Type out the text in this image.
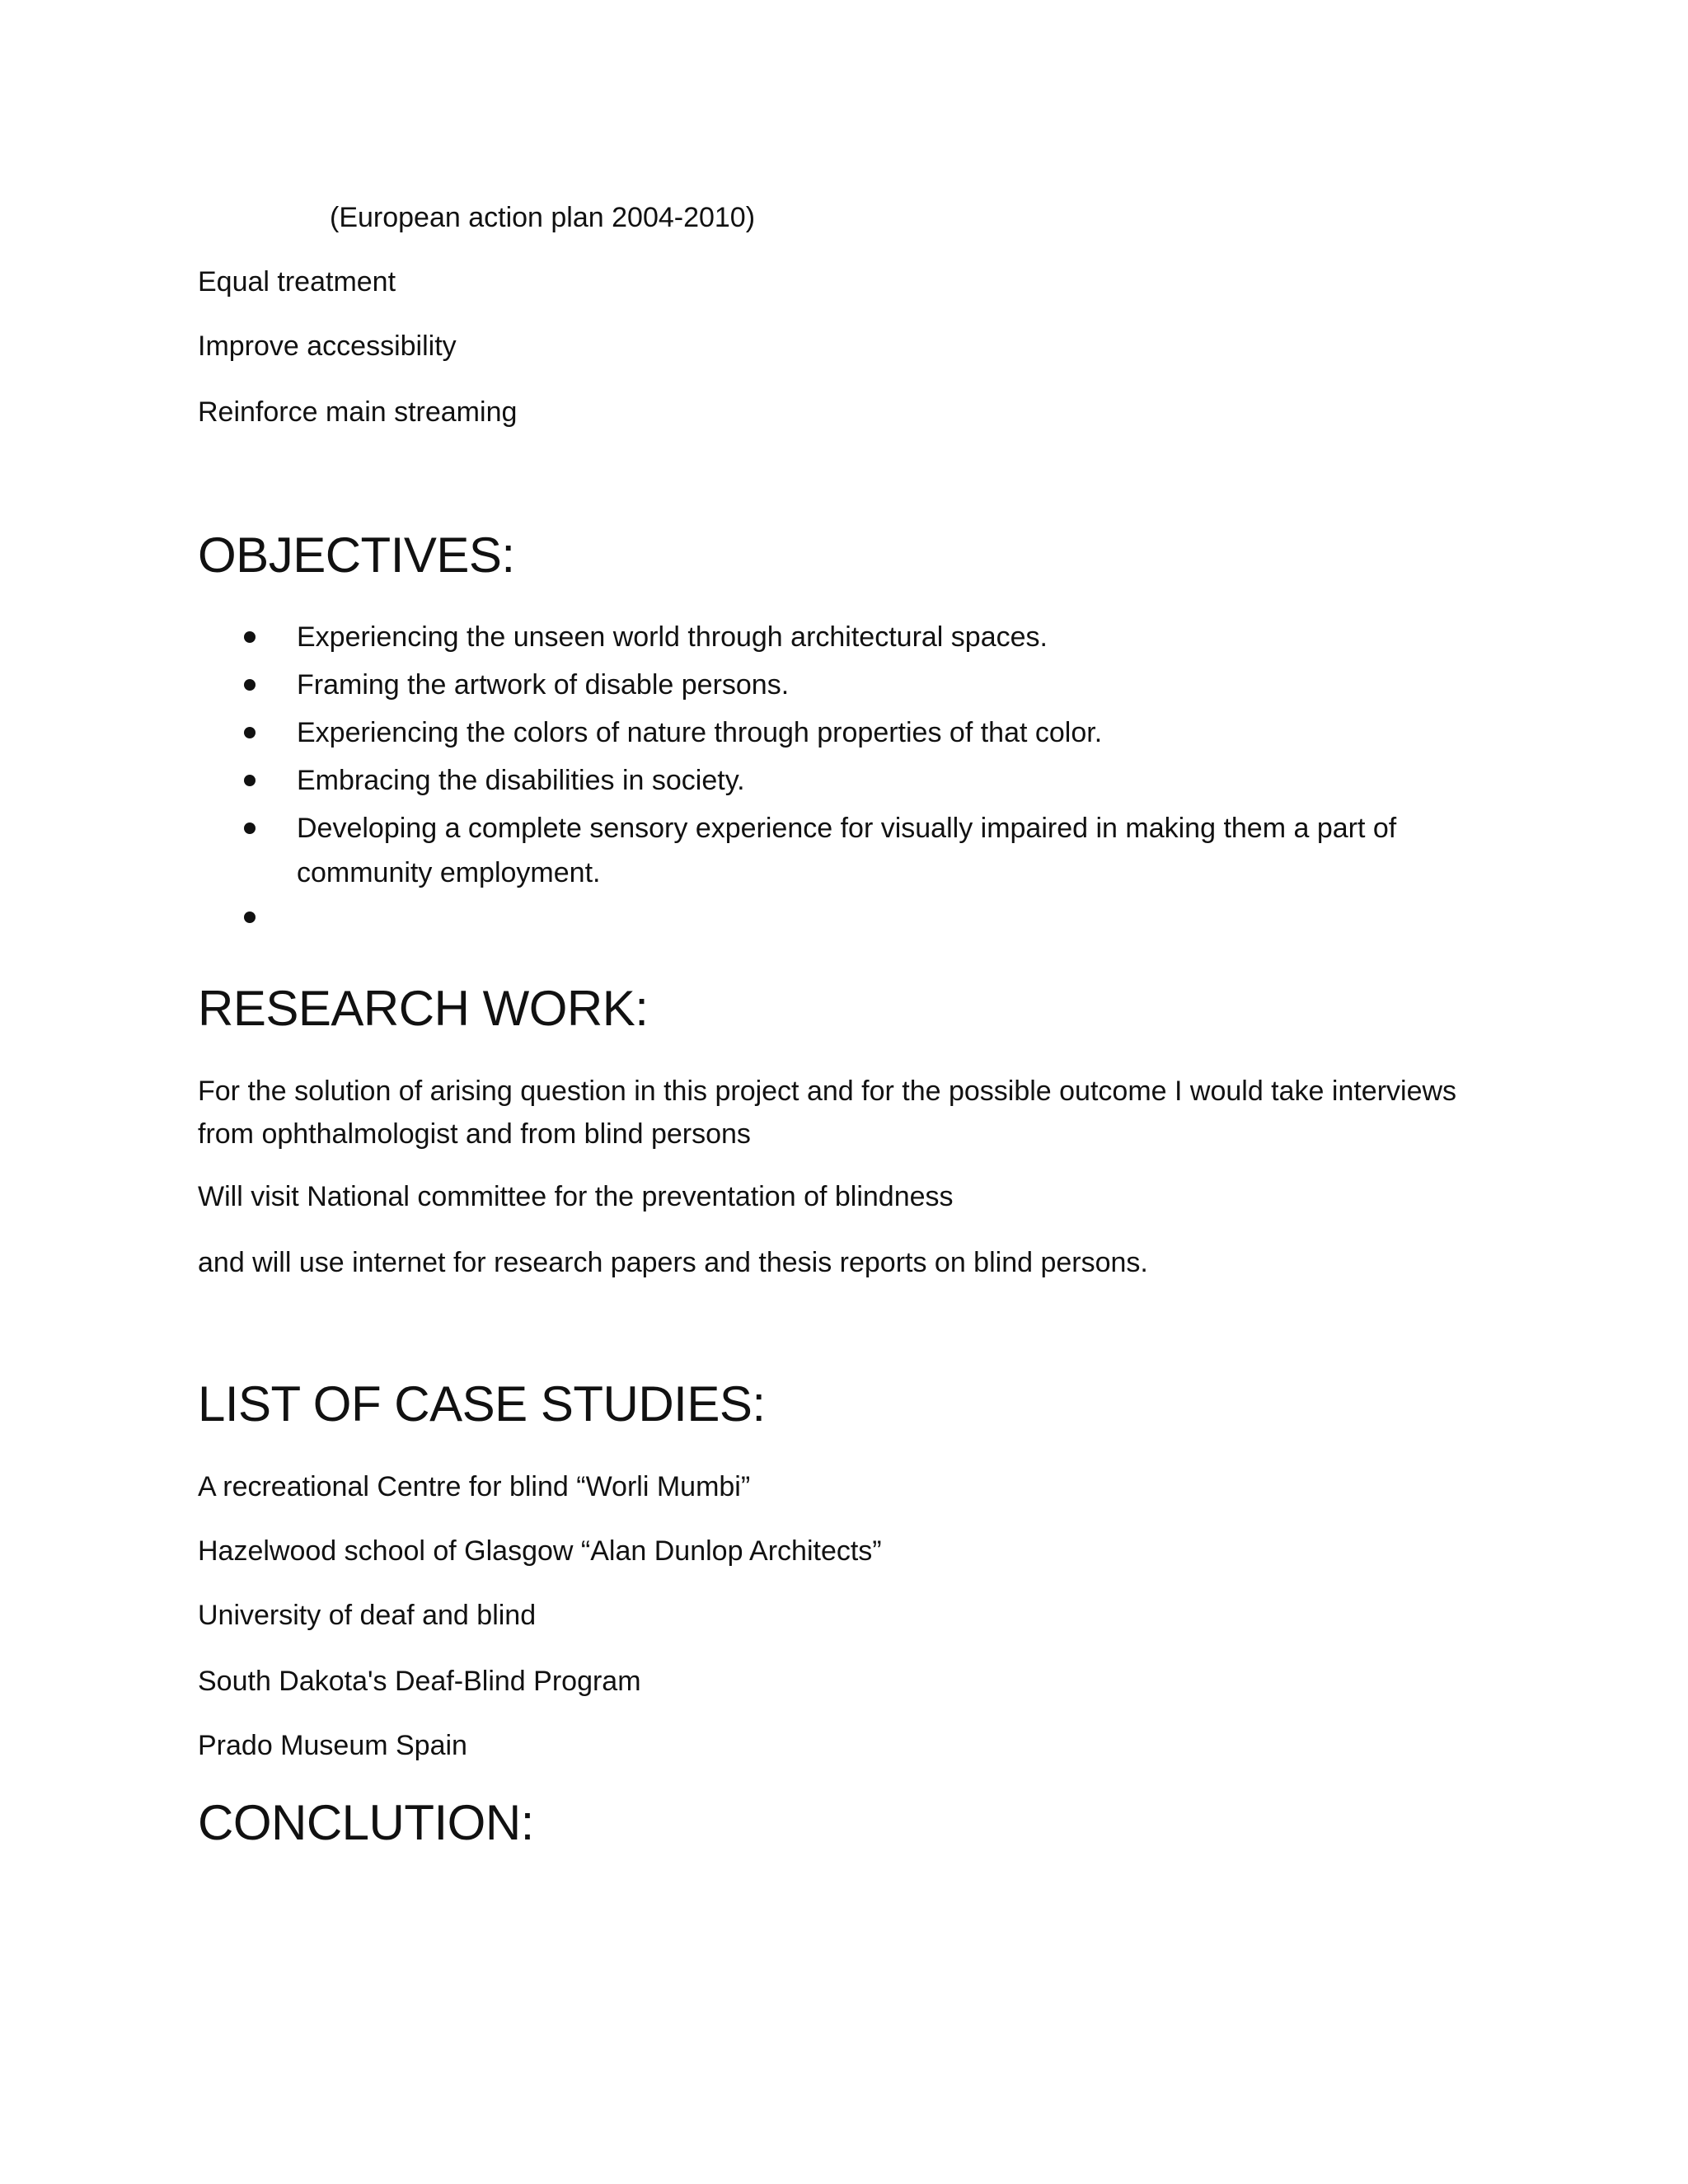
(European action plan 2004-2010)
Equal treatment
Improve accessibility
Reinforce main streaming
OBJECTIVES:
Experiencing the unseen world through architectural spaces.
Framing the artwork of disable persons.
Experiencing the colors of nature through properties of that color.
Embracing the disabilities in society.
Developing a complete sensory experience for visually impaired in making them a part of community employment.
RESEARCH WORK:

For the solution of arising question in this project and for the possible outcome I would take interviews from ophthalmologist and from blind persons

Will visit National committee for the preventation of blindness

and will use internet for research papers and thesis reports on blind persons.

LIST OF CASE STUDIES:
A recreational Centre for blind “Worli Mumbi”
Hazelwood school of Glasgow “Alan Dunlop Architects”
University of deaf and blind
South Dakota's Deaf-Blind Program
Prado Museum Spain
CONCLUTION:
